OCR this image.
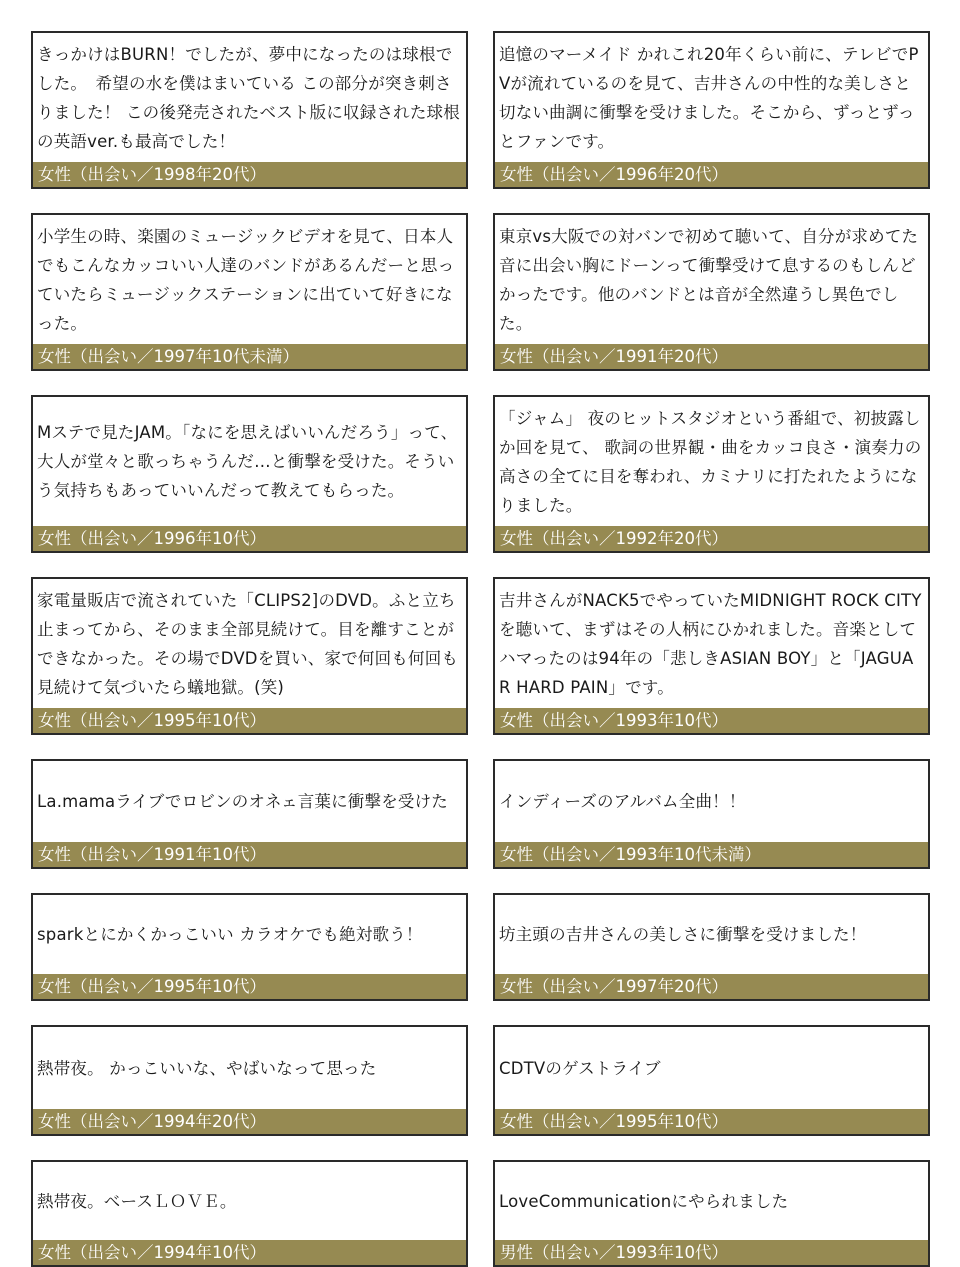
きっかけはBURN！でしたが、夢中になったのは球根でした。　希望の水を僕はまいている この部分が突き刺さりました！ この後発売されたベスト版に収録された球根の英語ver.も最高でした！
女性（出会い／1998年20代）
追憶のマーメイド かれこれ20年くらい前に、テレビでPVが流れているのを見て、吉井さんの中性的な美しさと切ない曲調に衝撃を受けました。そこから、ずっとずっとファンです。
女性（出会い／1996年20代）
小学生の時、楽園のミュージックビデオを見て、日本人でもこんなカッコいい人達のバンドがあるんだーと思っていたらミュージックステーションに出ていて好きになった。
女性（出会い／1997年10代未満）
東京vs大阪での対バンで初めて聴いて、自分が求めてた音に出会い胸にドーンって衝撃受けて息するのもしんどかったです。他のバンドとは音が全然違うし異色でした。
女性（出会い／1991年20代）
Mステで見たJAM。「なにを思えばいいんだろう」って、大人が堂々と歌っちゃうんだ…と衝撃を受けた。そういう気持ちもあっていいんだって教えてもらった。
女性（出会い／1996年10代）
「ジャム」 夜のヒットスタジオという番組で、初披露しか回を見て、 歌詞の世界観・曲をカッコ良さ・演奏力の高さの全てに目を奪われ、カミナリに打たれたようになりました。
女性（出会い／1992年20代）
家電量販店で流されていた「CLIPS2]のDVD。ふと立ち止まってから、そのまま全部見続けて。目を離すことができなかった。その場でDVDを買い、家で何回も何回も見続けて気づいたら蟻地獄。(笑)
女性（出会い／1995年10代）
吉井さんがNACK5でやっていたMIDNIGHT ROCK CITYを聴いて、まずはその人柄にひかれました。音楽としてハマったのは94年の「悲しきASIAN BOY」と「JAGUAR HARD PAIN」です。
女性（出会い／1993年10代）
La.mamaライブでロビンのオネェ言葉に衝撃を受けた
女性（出会い／1991年10代）
インディーズのアルバム全曲！！
女性（出会い／1993年10代未満）
sparkとにかくかっこいい カラオケでも絶対歌う！
女性（出会い／1995年10代）
坊主頭の吉井さんの美しさに衝撃を受けました！
女性（出会い／1997年20代）
熱帯夜。 かっこいいな、やばいなって思った
女性（出会い／1994年20代）
CDTVのゲストライブ
女性（出会い／1995年10代）
熱帯夜。ベースＬＯＶＥ。
女性（出会い／1994年10代）
LoveCommunicationにやられました
男性（出会い／1993年10代）
